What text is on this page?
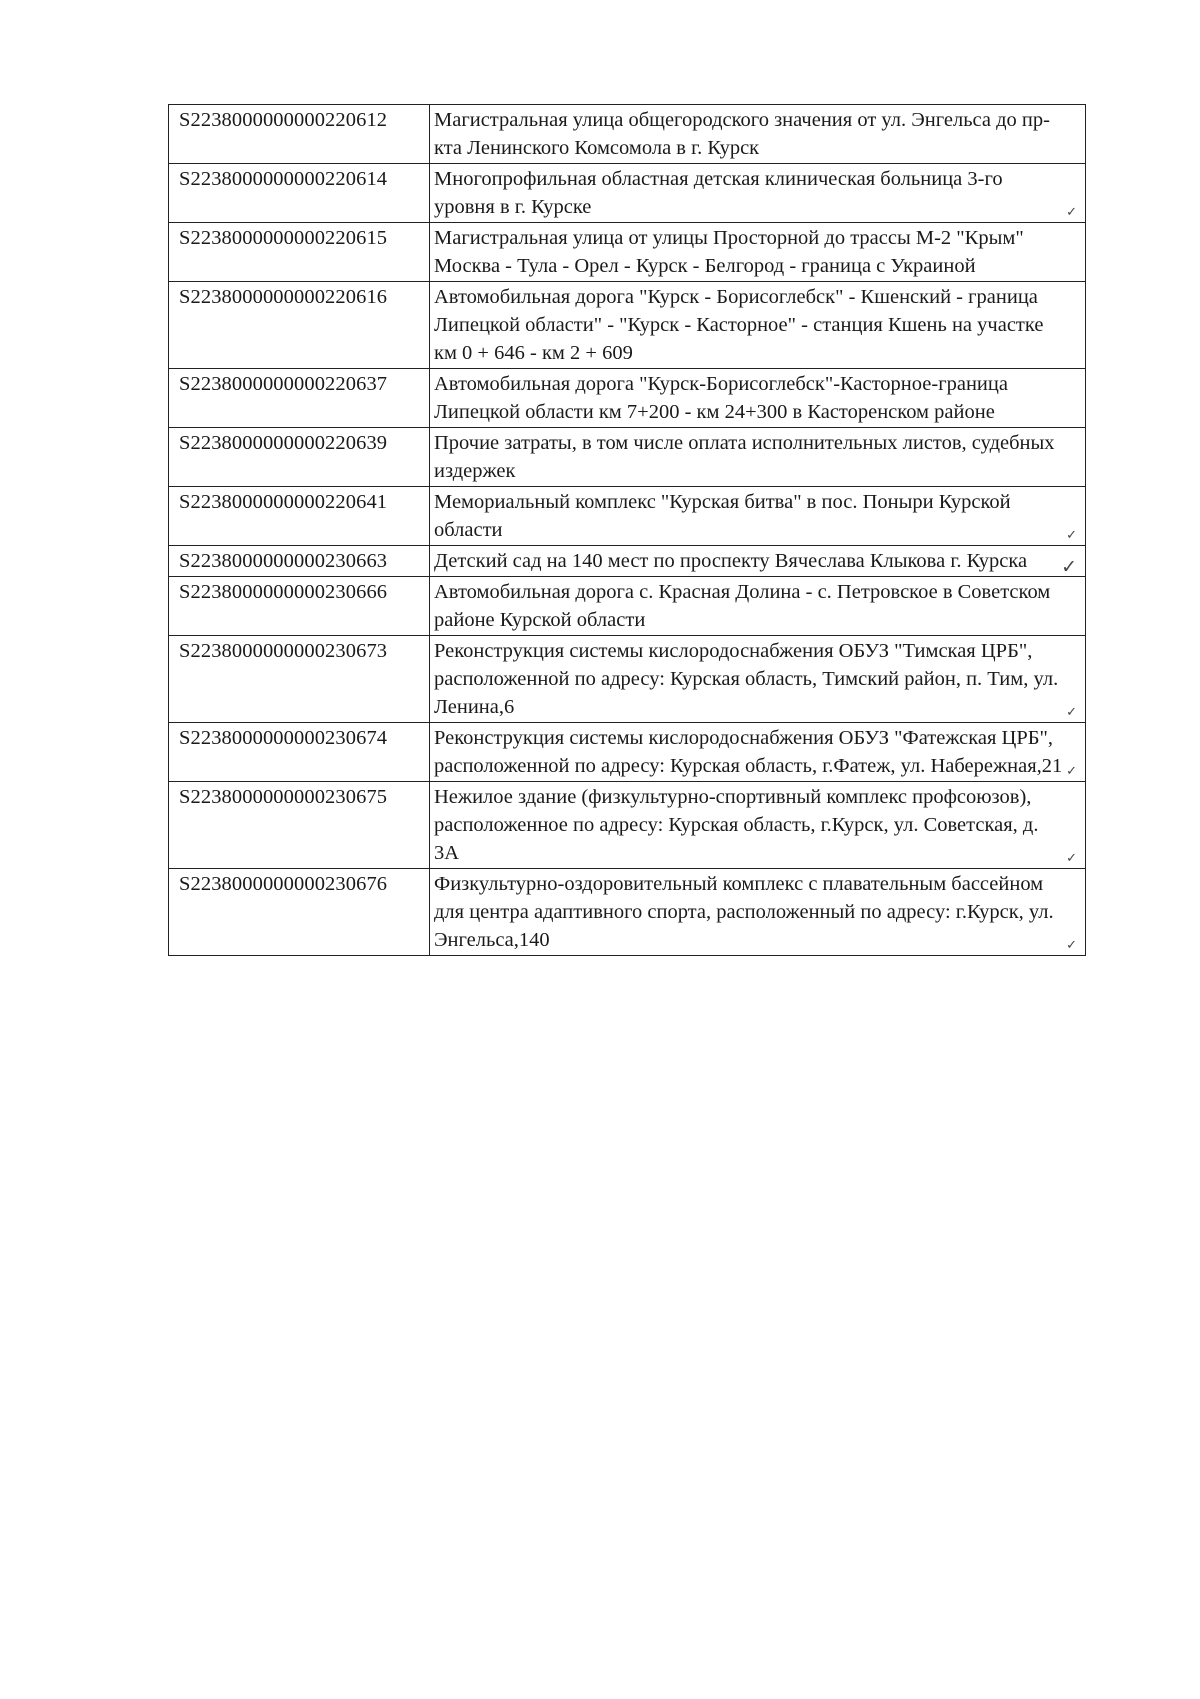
S2238000000000220612	Магистральная улица общегородского значения от ул. Энгельса до пр-кта Ленинского Комсомола в г. Курск
S2238000000000220614	Многопрофильная областная детская клиническая больница 3-го уровня в г. Курске ✓

S2238000000000220615	Магистральная улица от улицы Просторной до трассы М-2 "Крым" Москва - Тула - Орел - Курск - Белгород - граница с Украиной
S2238000000000220616	Автомобильная дорога "Курск - Борисоглебск" - Кшенский - граница Липецкой области" - "Курск - Касторное" - станция Кшень на участке км 0 + 646 - км 2 + 609
S2238000000000220637	Автомобильная дорога "Курск-Борисоглебск"-Касторное-граница Липецкой области км 7+200 - км 24+300 в Касторенском районе
S2238000000000220639	Прочие затраты, в том числе оплата исполнительных листов, судебных издержек
S2238000000000220641	Мемориальный комплекс "Курская битва" в пос. Поныри Курской области ✓

S2238000000000230663	Детский сад на 140 мест по проспекту Вячеслава Клыкова г. Курска ✓

S2238000000000230666	Автомобильная дорога с. Красная Долина - с. Петровское в Советском районе Курской области
S2238000000000230673	Реконструкция системы кислородоснабжения ОБУЗ "Тимская ЦРБ", расположенной по адресу: Курская область, Тимский район, п. Тим, ул. Ленина,6 ✓

S2238000000000230674	Реконструкция системы кислородоснабжения ОБУЗ "Фатежская ЦРБ", расположенной по адресу: Курская область, г.Фатеж, ул. Набережная,21 ✓

S2238000000000230675	Нежилое здание (физкультурно-спортивный комплекс профсоюзов), расположенное по адресу: Курская область, г.Курск, ул. Советская, д. 3А ✓

S2238000000000230676	Физкультурно-оздоровительный комплекс с плавательным бассейном для центра адаптивного спорта, расположенный по адресу: г.Курск, ул. Энгельса,140 ✓
